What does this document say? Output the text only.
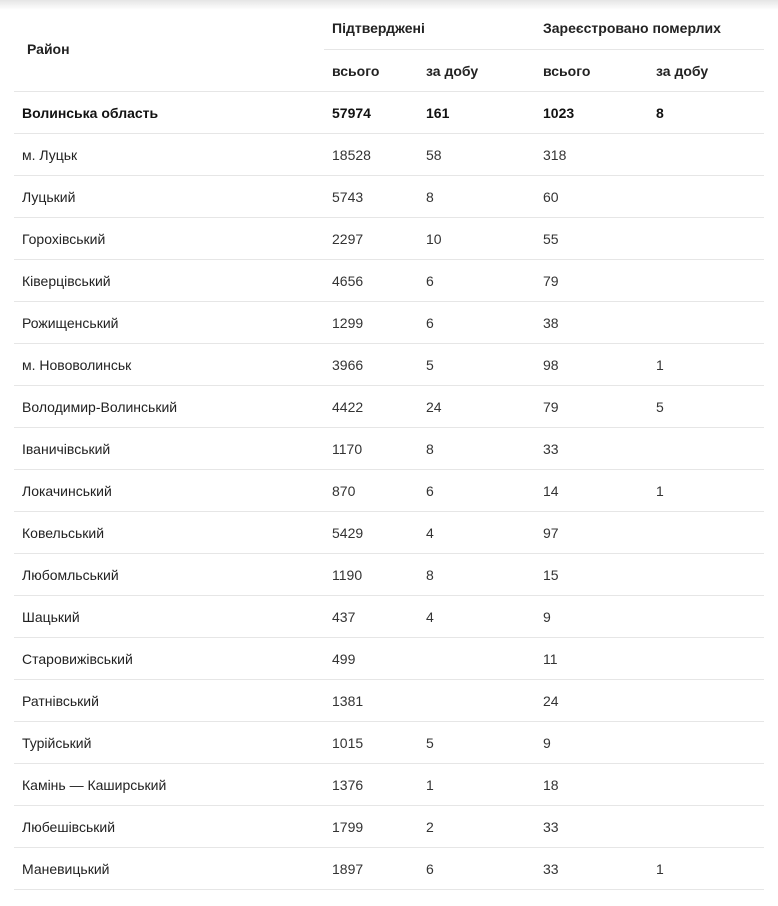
Район	Підтверджені		Зареєстровано померлих	
	всього	за добу	всього	за добу
Волинська область	57974	161	1023	8
м. Луцьк	18528	58	318	
Луцький	5743	8	60	
Горохівський	2297	10	55	
Ківерцівський	4656	6	79	
Рожищенський	1299	6	38	
м. Нововолинськ	3966	5	98	1
Володимир-Волинський	4422	24	79	5
Іваничівський	1170	8	33	
Локачинський	870	6	14	1
Ковельський	5429	4	97	
Любомльський	1190	8	15	
Шацький	437	4	9	
Старовижівський	499		11	
Ратнівський	1381		24	
Турійський	1015	5	9	
Камінь — Каширський	1376	1	18	
Любешівський	1799	2	33	
Маневицький	1897	6	33	1
